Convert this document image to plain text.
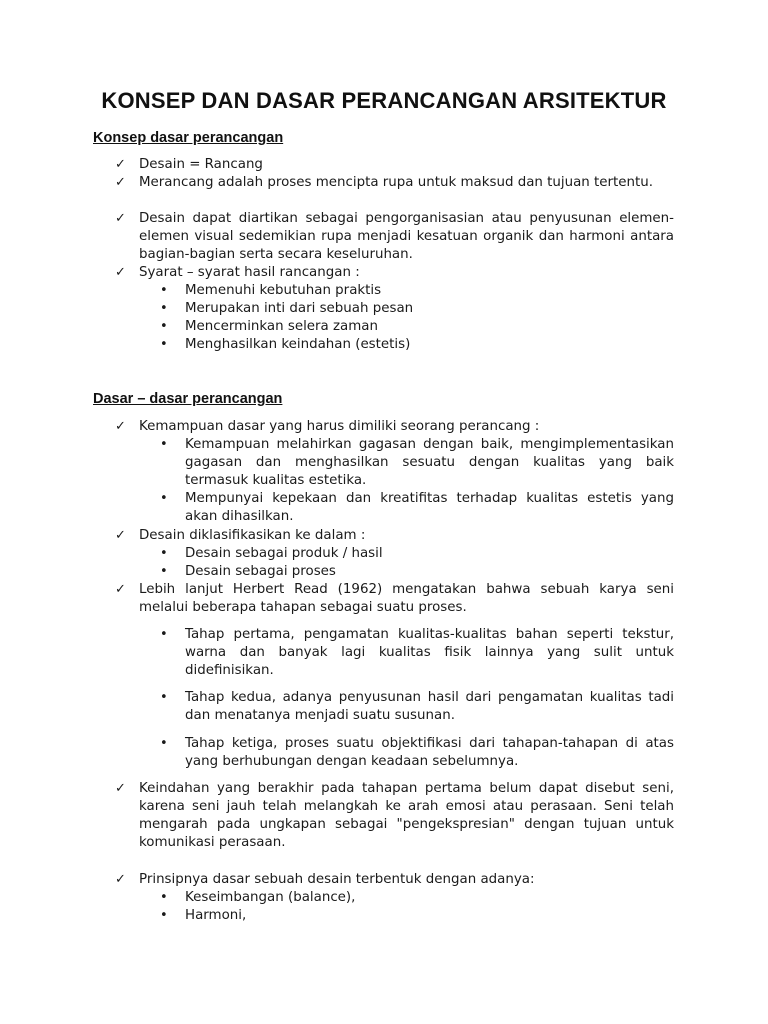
KONSEP DAN DASAR PERANCANGAN ARSITEKTUR

Konsep dasar perancangan

✓ Desain = Rancang
✓ Merancang adalah proses mencipta rupa untuk maksud dan tujuan tertentu.
✓ Desain dapat diartikan sebagai pengorganisasian atau penyusunan elemen-elemen visual sedemikian rupa menjadi kesatuan organik dan harmoni antara bagian-bagian serta secara keseluruhan.
✓ Syarat – syarat hasil rancangan :
• Memenuhi kebutuhan praktis
• Merupakan inti dari sebuah pesan
• Mencerminkan selera zaman
• Menghasilkan keindahan (estetis)

Dasar – dasar perancangan

✓ Kemampuan dasar yang harus dimiliki seorang perancang :
• Kemampuan melahirkan gagasan dengan baik, mengimplementasikan gagasan dan menghasilkan sesuatu dengan kualitas yang baik termasuk kualitas estetika.
• Mempunyai kepekaan dan kreatifitas terhadap kualitas estetis yang akan dihasilkan.
✓ Desain diklasifikasikan ke dalam :
• Desain sebagai produk / hasil
• Desain sebagai proses
✓ Lebih lanjut Herbert Read (1962) mengatakan bahwa sebuah karya seni melalui beberapa tahapan sebagai suatu proses.
• Tahap pertama, pengamatan kualitas-kualitas bahan seperti tekstur, warna dan banyak lagi kualitas fisik lainnya yang sulit untuk didefinisikan.
• Tahap kedua, adanya penyusunan hasil dari pengamatan kualitas tadi dan menatanya menjadi suatu susunan.
• Tahap ketiga, proses suatu objektifikasi dari tahapan-tahapan di atas yang berhubungan dengan keadaan sebelumnya.
✓ Keindahan yang berakhir pada tahapan pertama belum dapat disebut seni, karena seni jauh telah melangkah ke arah emosi atau perasaan. Seni telah mengarah pada ungkapan sebagai "pengekspresian" dengan tujuan untuk komunikasi perasaan.
✓ Prinsipnya dasar sebuah desain terbentuk dengan adanya:
• Keseimbangan (balance),
• Harmoni,
